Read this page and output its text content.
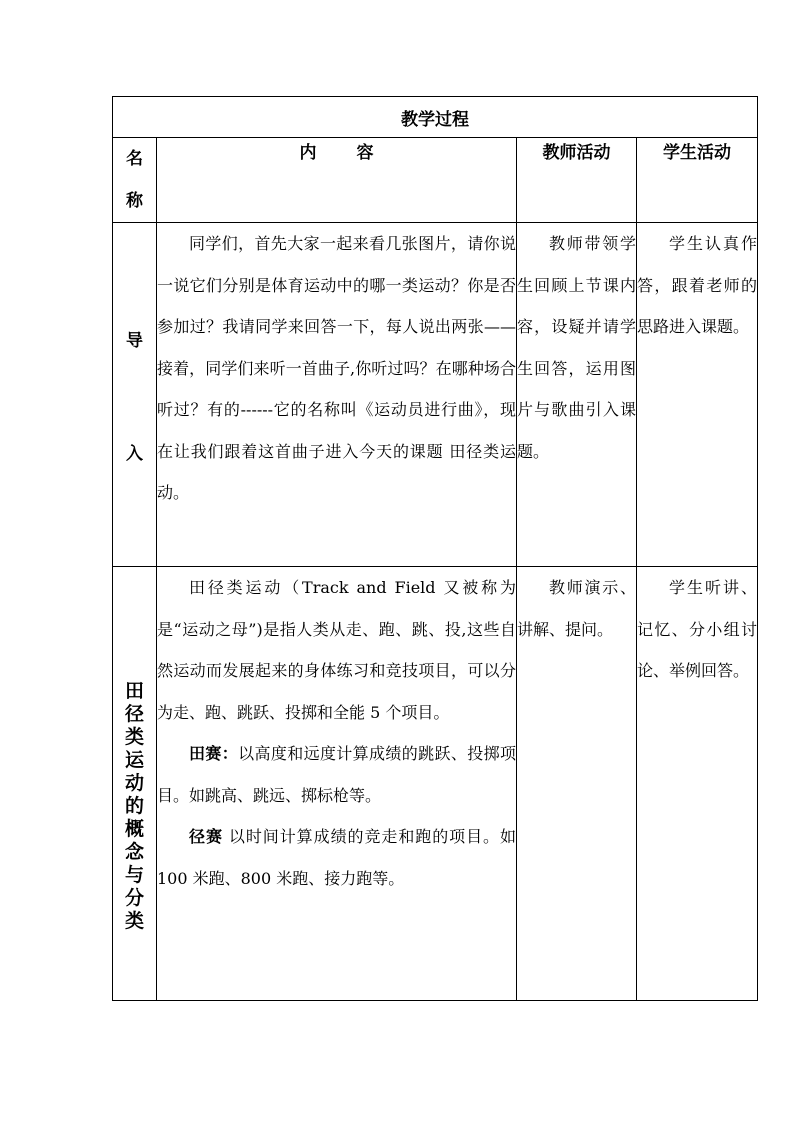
教学过程			

名
称	内 容	教师活动	学生活动

导
入	同学们，首先大家一起来看几张图片，请你说一说它们分别是体育运动中的哪一类运动？你是否参加过？我请同学来回答一下，每人说出两张——接着，同学们来听一首曲子,你听过吗？在哪种场合听过？有的------它的名称叫《运动员进行曲》，现在让我们跟着这首曲子进入今天的课题 田径类运动。	教师带领学生回顾上节课内容，设疑并请学生回答，运用图片与歌曲引入课题。	学生认真作答，跟着老师的思路进入课题。

田径类运动的概念与分类	田径类运动（Track and Field 又被称为是“运动之母”)是指人类从走、跑、跳、投,这些自然运动而发展起来的身体练习和竞技项目，可以分为走、跑、跳跃、投掷和全能 5 个项目。

田赛：以高度和远度计算成绩的跳跃、投掷项目。如跳高、跳远、掷标枪等。

径赛 以时间计算成绩的竞走和跑的项目。如 100 米跑、800 米跑、接力跑等。	教师演示、讲解、提问。	学生听讲、记忆、分小组讨论、举例回答。
